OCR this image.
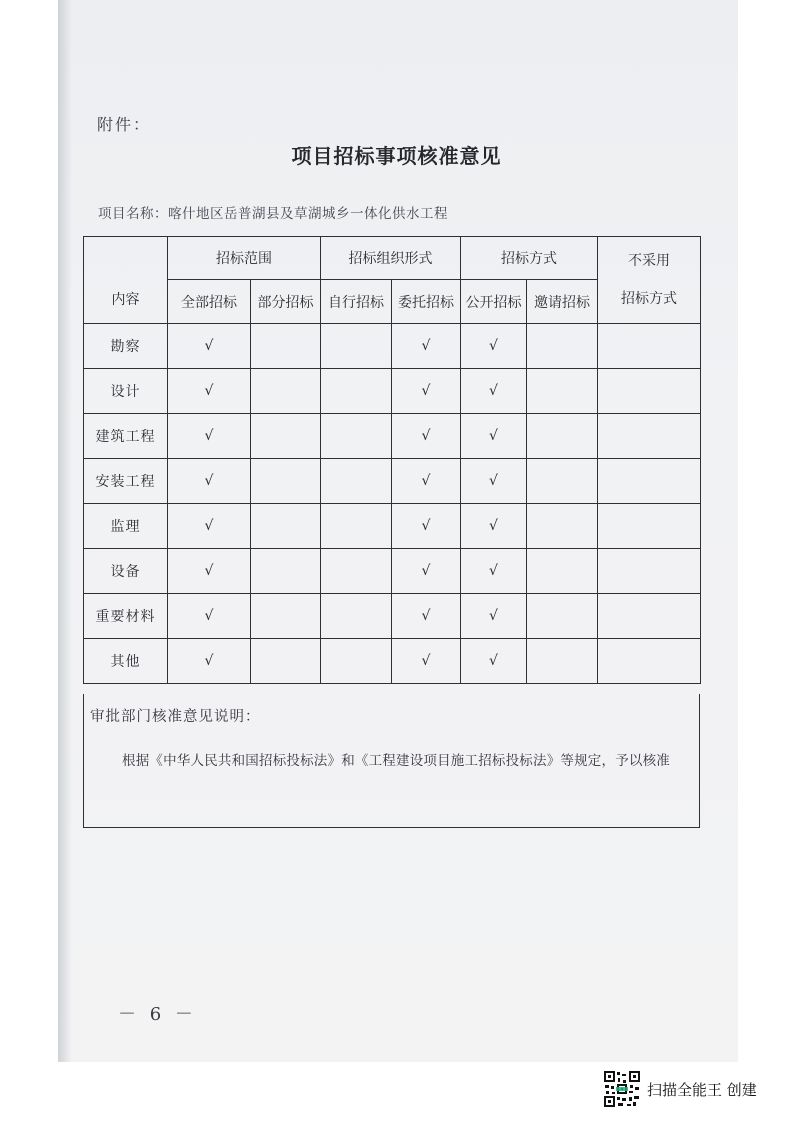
附件：
项目招标事项核准意见
项目名称：喀什地区岳普湖县及草湖城乡一体化供水工程
内容	招标范围		招标组织形式		招标方式		不采用
招标方式
	全部招标	部分招标	自行招标	委托招标	公开招标	邀请招标	
勘察	√			√	√		
设计	√			√	√		
建筑工程	√			√	√		
安装工程	√			√	√		
监理	√			√	√		
设备	√			√	√		
重要材料	√			√	√		
其他	√			√	√		
审批部门核准意见说明：
根据《中华人民共和国招标投标法》和《工程建设项目施工招标投标法》等规定，予以核准
－ 6 －
扫描全能王 创建
